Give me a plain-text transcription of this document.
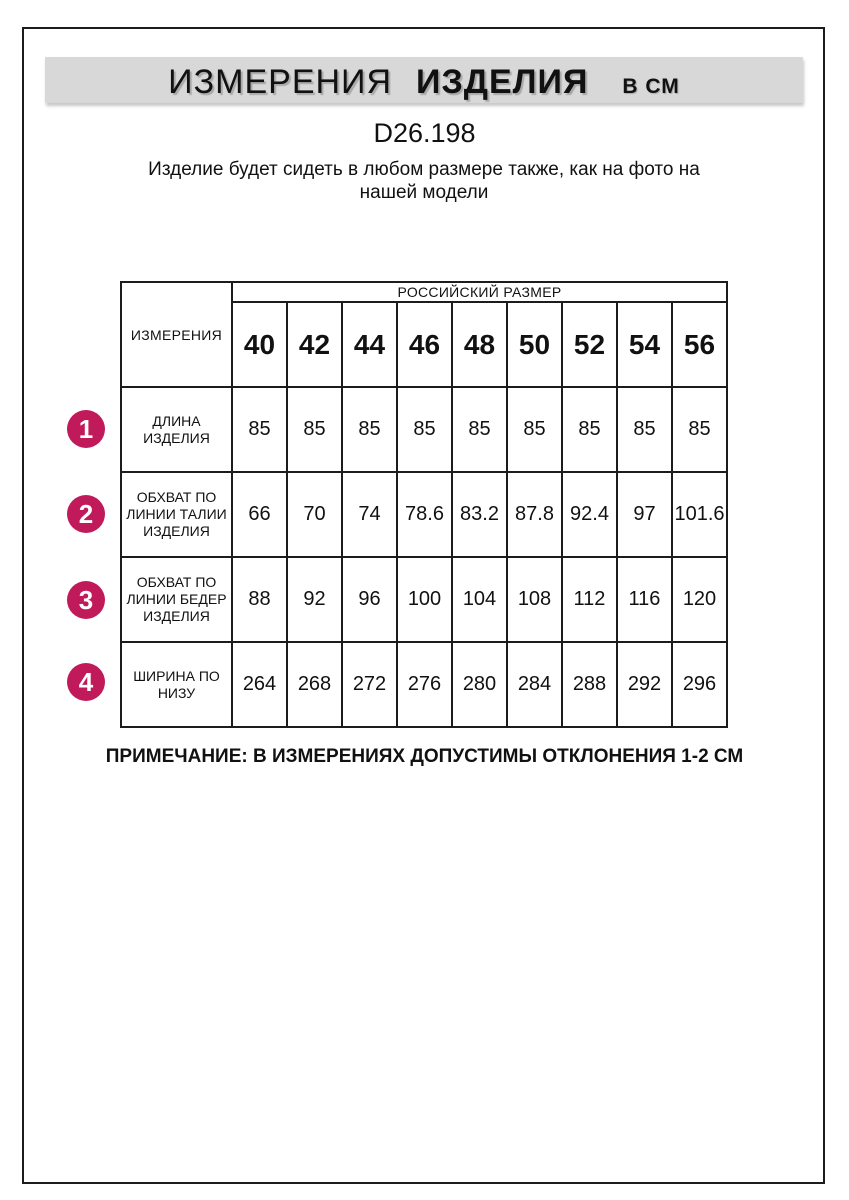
ИЗМЕРЕНИЯ ИЗДЕЛИЯ В СМ
D26.198
Изделие будет сидеть в любом размере также, как на фото на нашей модели
ИЗМЕРЕНИЯ	РОССИЙСКИЙ РАЗМЕР								
	40	42	44	46	48	50	52	54	56
ДЛИНА ИЗДЕЛИЯ	85	85	85	85	85	85	85	85	85
ОБХВАТ ПО ЛИНИИ ТАЛИИ ИЗДЕЛИЯ	66	70	74	78.6	83.2	87.8	92.4	97	101.6
ОБХВАТ ПО ЛИНИИ БЕДЕР ИЗДЕЛИЯ	88	92	96	100	104	108	112	116	120
ШИРИНА ПО НИЗУ	264	268	272	276	280	284	288	292	296
1
2
3
4
ПРИМЕЧАНИЕ: В ИЗМЕРЕНИЯХ ДОПУСТИМЫ ОТКЛОНЕНИЯ 1-2 СМ
